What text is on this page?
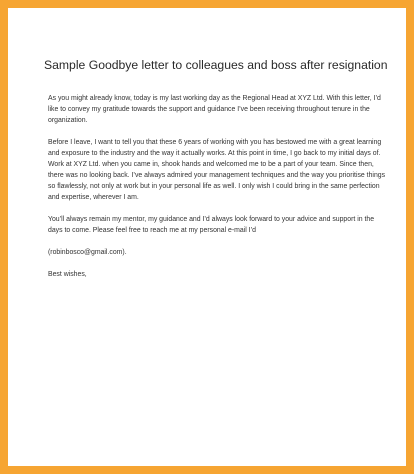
Sample Goodbye letter to colleagues and boss after resignation

As you might already know, today is my last working day as the Regional Head at XYZ Ltd. With this letter, I’d like to convey my gratitude towards the support and guidance I’ve been receiving throughout tenure in the organization.

Before I leave, I want to tell you that these 6 years of working with you has bestowed me with a great learning and exposure to the industry and the way it actually works. At this point in time, I go back to my initial days of. Work at XYZ Ltd. when you came in, shook hands and welcomed me to be a part of your team. Since then, there was no looking back. I’ve always admired your management techniques and the way you prioritise things so flawlessly, not only at work but in your personal life as well. I only wish I could bring in the same perfection and expertise, wherever I am.

You’ll always remain my mentor, my guidance and I’d always look forward to your advice and support in the days to come. Please feel free to reach me at my personal e-mail I’d

(robinbosco@gmail.com).

Best wishes,
